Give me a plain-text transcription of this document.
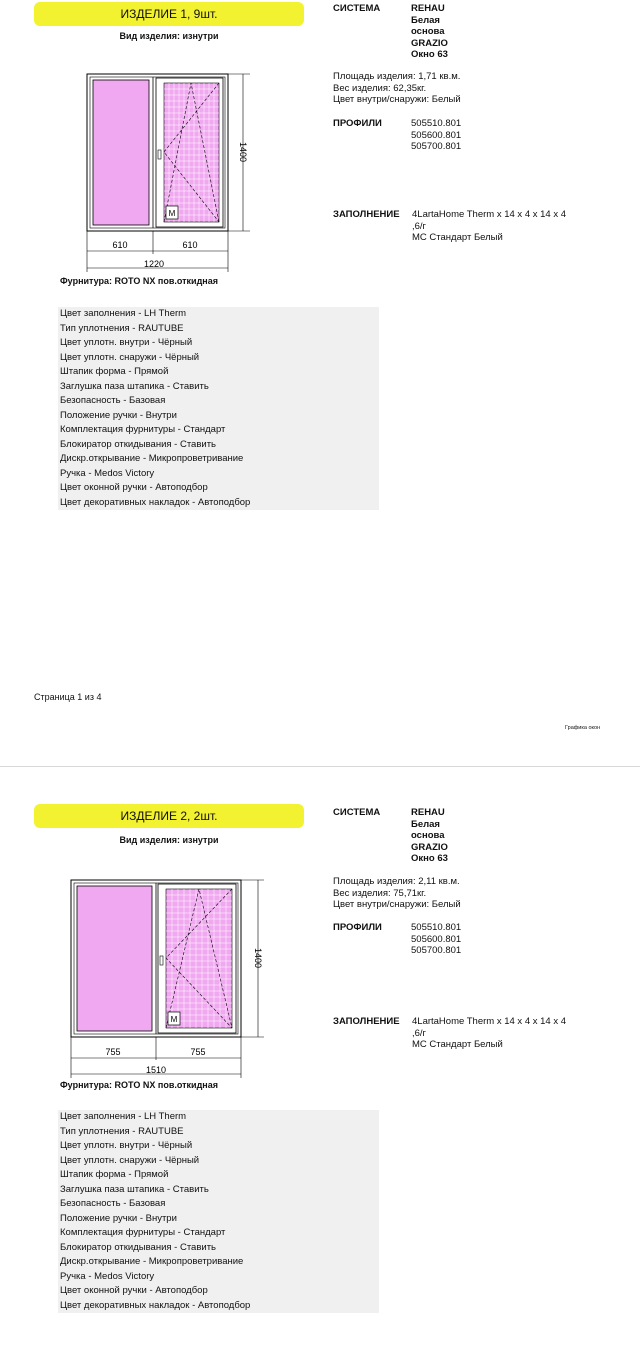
ИЗДЕЛИЕ 1, 9шт.
Вид изделия: изнутри
M
1400
610	610
1220
Фурнитура: ROTO NX пов.откидная
СИСТЕМА	REHAU
Белая основа
GRAZIO
Окно 63
Площадь изделия: 1,71 кв.м.
Вес изделия: 62,35кг.
Цвет внутри/снаружи: Белый
ПРОФИЛИ	505510.801
505600.801
505700.801
ЗАПОЛНЕНИЕ 4LartaHome Therm x 14 x 4 x 14 x 4
,6/г
МС Стандарт Белый
Цвет заполнения - LH Therm
Тип уплотнения - RAUTUBE
Цвет уплотн. внутри - Чёрный
Цвет уплотн. снаружи - Чёрный
Штапик форма - Прямой
Заглушка паза штапика - Ставить
Безопасность - Базовая
Положение ручки - Внутри
Комплектация фурнитуры - Стандарт
Блокиратор откидывания - Ставить
Дискр.открывание - Микропроветривание
Ручка - Medos Victory
Цвет оконной ручки - Автоподбор
Цвет декоративных накладок - Автоподбор
Страница 1 из 4
Графика окон
ИЗДЕЛИЕ 2, 2шт.
Вид изделия: изнутри
M
1400
755	755
1510
Фурнитура: ROTO NX пов.откидная
СИСТЕМА	REHAU
Белая основа
GRAZIO
Окно 63
Площадь изделия: 2,11 кв.м.
Вес изделия: 75,71кг.
Цвет внутри/снаружи: Белый
ПРОФИЛИ	505510.801
505600.801
505700.801
ЗАПОЛНЕНИЕ 4LartaHome Therm x 14 x 4 x 14 x 4
,6/г
МС Стандарт Белый
Цвет заполнения - LH Therm
Тип уплотнения - RAUTUBE
Цвет уплотн. внутри - Чёрный
Цвет уплотн. снаружи - Чёрный
Штапик форма - Прямой
Заглушка паза штапика - Ставить
Безопасность - Базовая
Положение ручки - Внутри
Комплектация фурнитуры - Стандарт
Блокиратор откидывания - Ставить
Дискр.открывание - Микропроветривание
Ручка - Medos Victory
Цвет оконной ручки - Автоподбор
Цвет декоративных накладок - Автоподбор
